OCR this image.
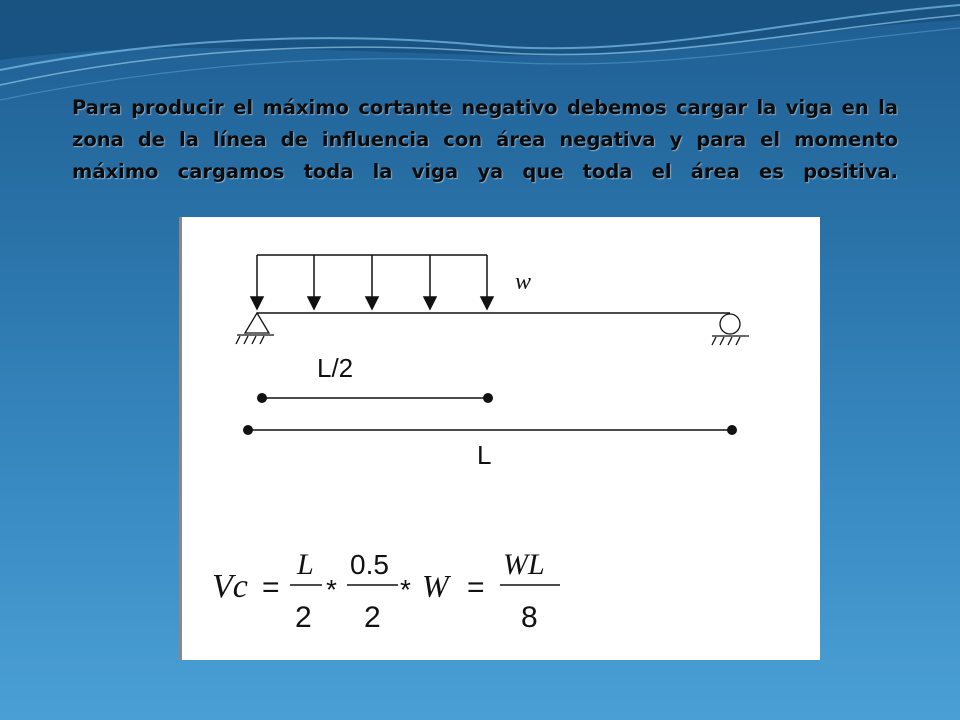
Para producir el máximo cortante negativo debemos cargar la viga en la zona de la línea de influencia con área negativa y para el momento máximo cargamos toda la viga ya que toda el área es positiva.
w
L/2
L
Vc =
L
2
*
0.5
2
* W =
WL
8
